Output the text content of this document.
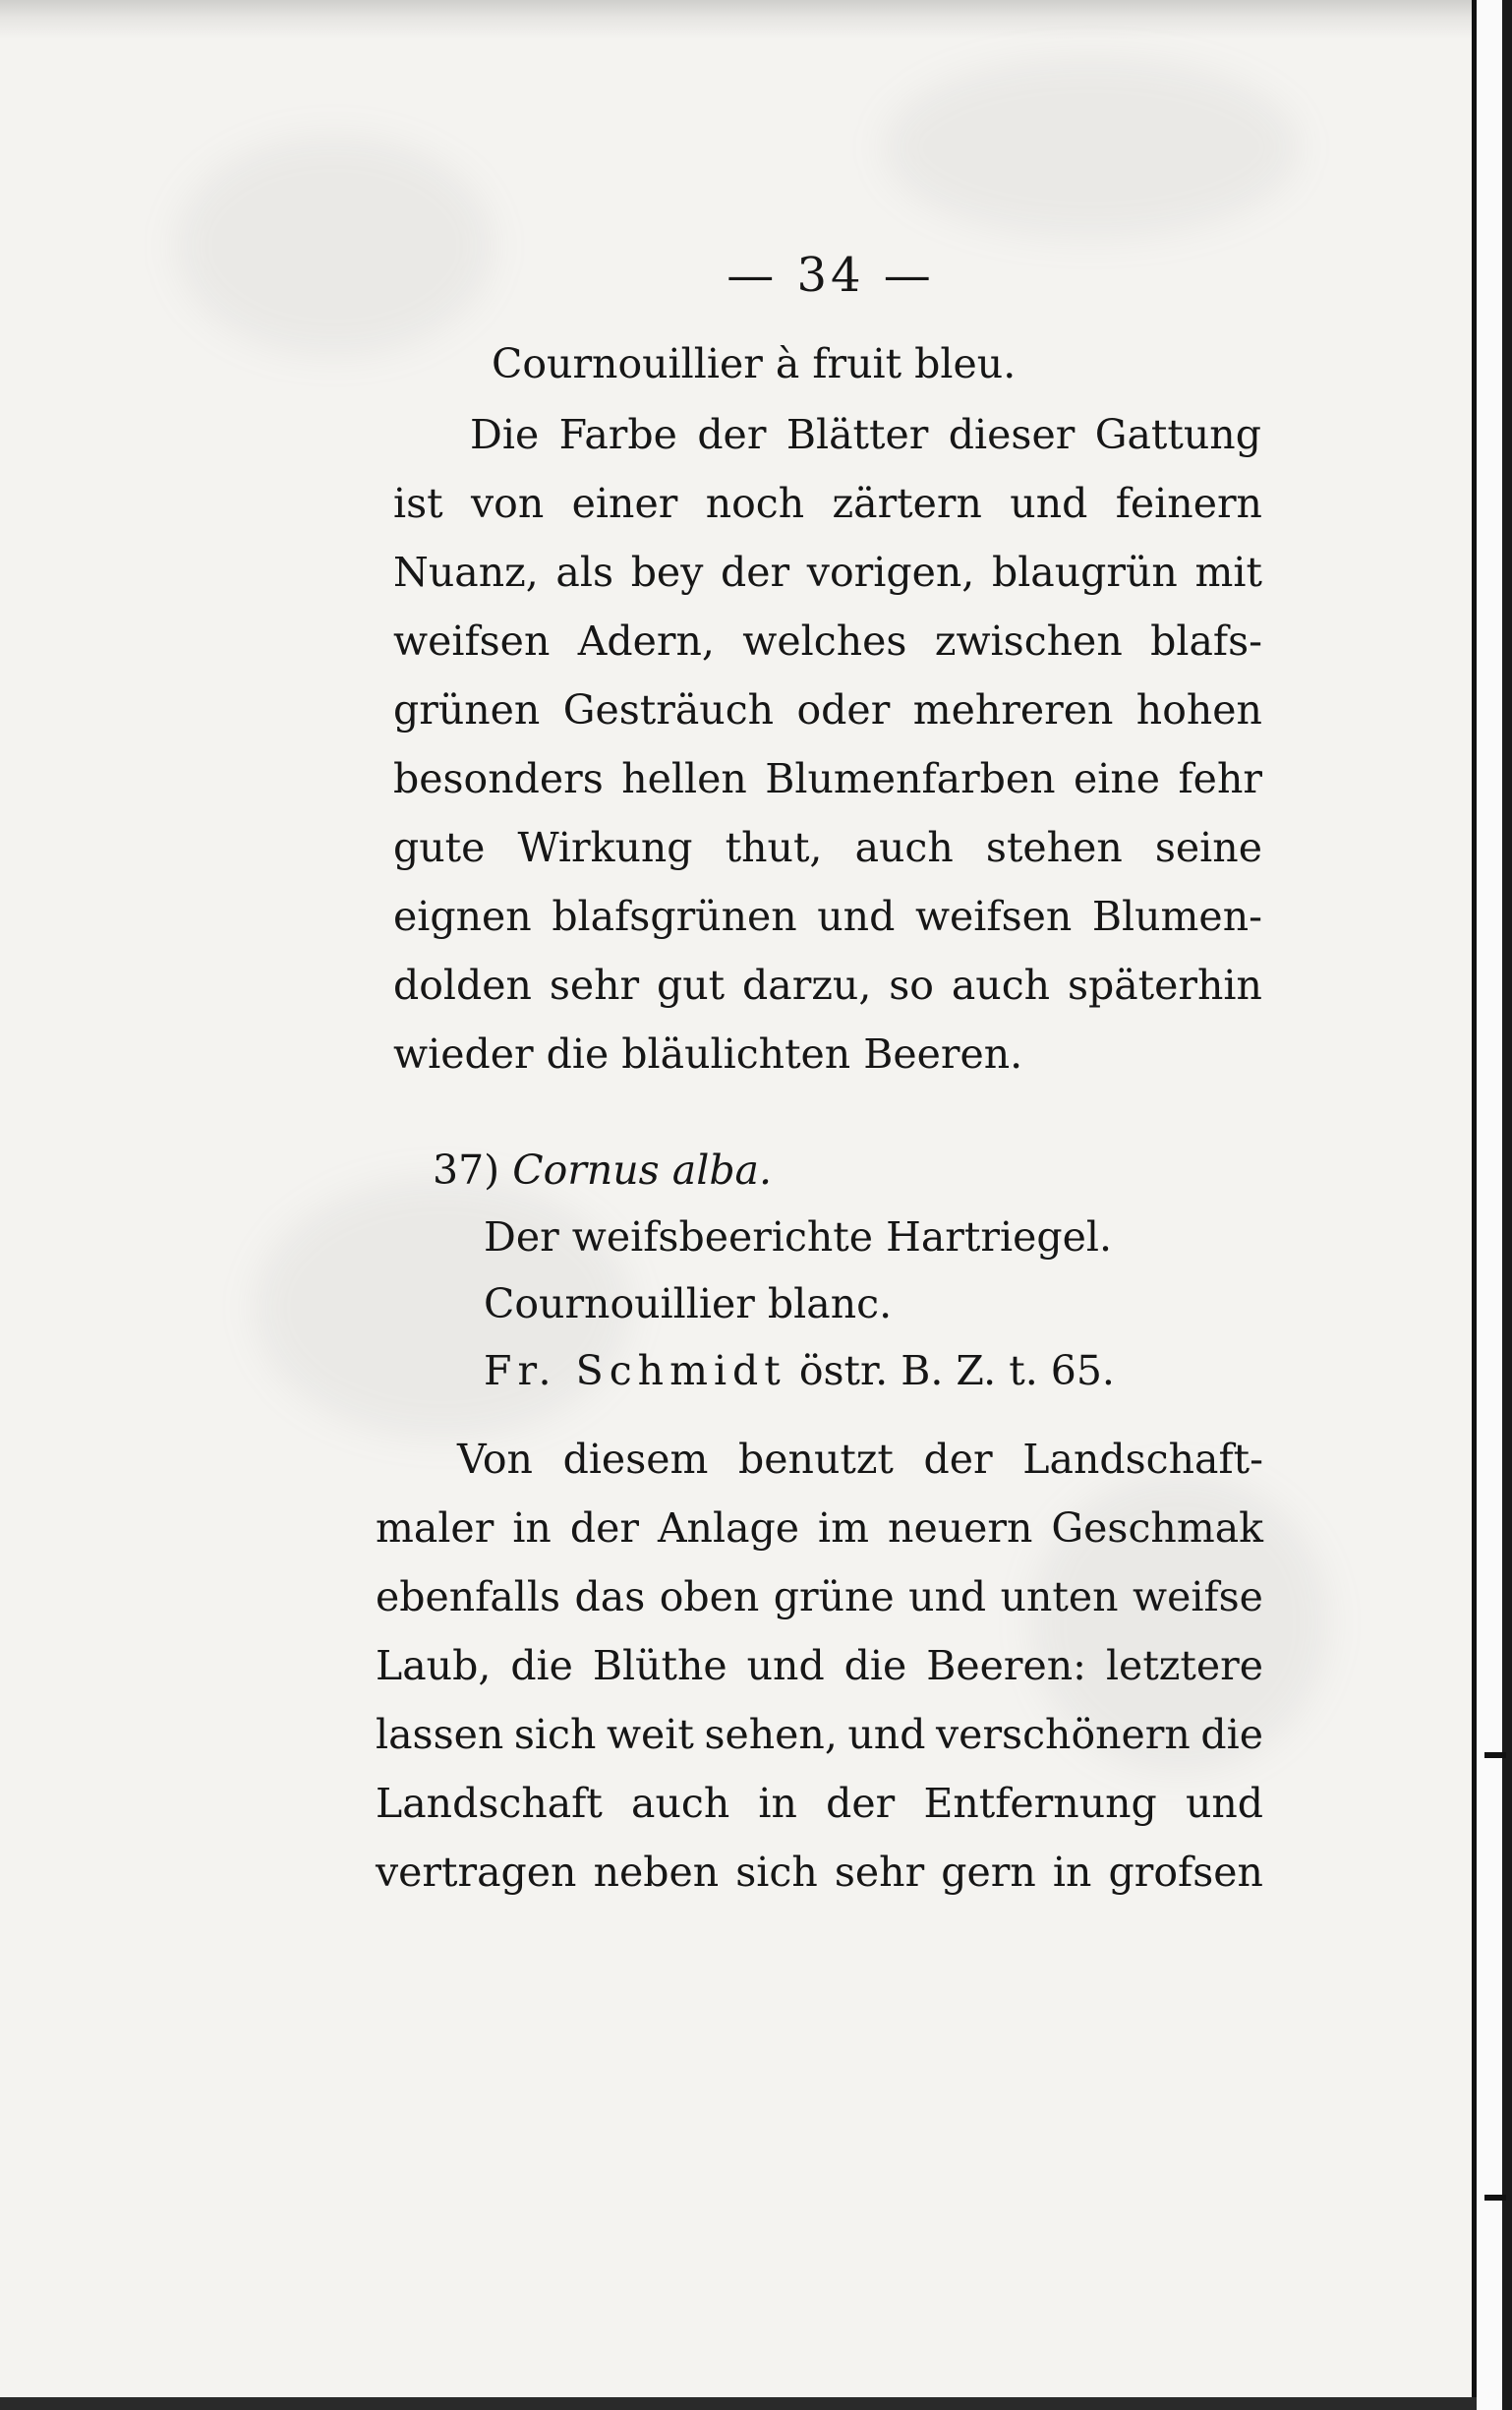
— 34 —
Cournouillier à fruit bleu.
Die Farbe der Blätter dieser Gattung
ist von einer noch zärtern und feinern
Nuanz, als bey der vorigen, blaugrün mit
weifsen Adern, welches zwischen blafs-
grünen Gesträuch oder mehreren hohen
besonders hellen Blumenfarben eine fehr
gute Wirkung thut, auch stehen seine
eignen blafsgrünen und weifsen Blumen-
dolden sehr gut darzu, so auch späterhin
wieder die bläulichten Beeren.
37) Cornus alba.
Der weifsbeerichte Hartriegel.
Cournouillier blanc.
Fr. Schmidt östr. B. Z. t. 65.
Von diesem benutzt der Landschaft-
maler in der Anlage im neuern Geschmak
ebenfalls das oben grüne und unten weifse
Laub, die Blüthe und die Beeren: letztere
lassen sich weit sehen, und verschönern die
Landschaft auch in der Entfernung und
vertragen neben sich sehr gern in grofsen
